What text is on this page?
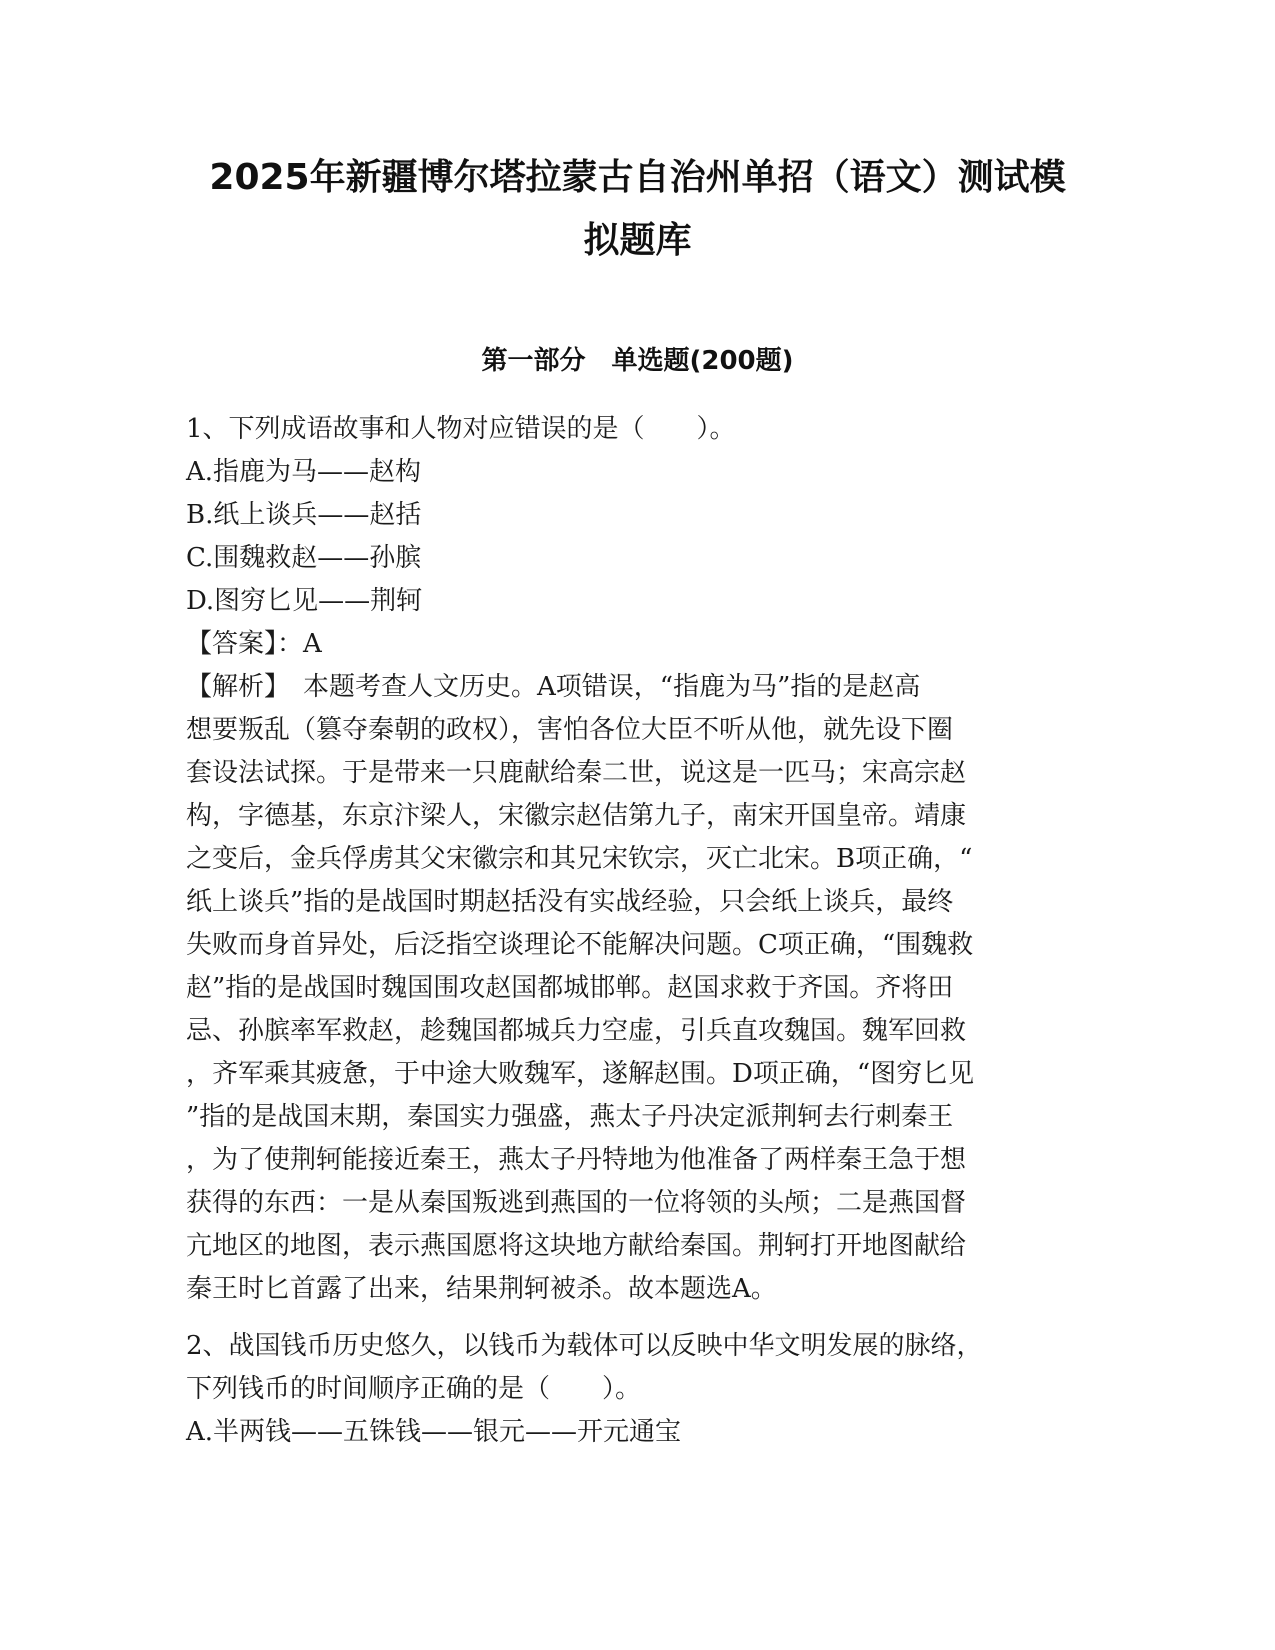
2025年新疆博尔塔拉蒙古自治州单招（语文）测试模
拟题库
第一部分　单选题(200题)
1、下列成语故事和人物对应错误的是（　　）。
A.指鹿为马——赵构
B.纸上谈兵——赵括
C.围魏救赵——孙膑
D.图穷匕见——荆轲
【答案】：A
【解析】　本题考查人文历史。A项错误，“指鹿为马”指的是赵高
想要叛乱（篡夺秦朝的政权），害怕各位大臣不听从他，就先设下圈
套设法试探。于是带来一只鹿献给秦二世，说这是一匹马；宋高宗赵
构，字德基，东京汴梁人，宋徽宗赵佶第九子，南宋开国皇帝。靖康
之变后，金兵俘虏其父宋徽宗和其兄宋钦宗，灭亡北宋。B项正确，“
纸上谈兵”指的是战国时期赵括没有实战经验，只会纸上谈兵，最终
失败而身首异处，后泛指空谈理论不能解决问题。C项正确，“围魏救
赵”指的是战国时魏国围攻赵国都城邯郸。赵国求救于齐国。齐将田
忌、孙膑率军救赵，趁魏国都城兵力空虚，引兵直攻魏国。魏军回救
，齐军乘其疲惫，于中途大败魏军，遂解赵围。D项正确，“图穷匕见
”指的是战国末期，秦国实力强盛，燕太子丹决定派荆轲去行刺秦王
，为了使荆轲能接近秦王，燕太子丹特地为他准备了两样秦王急于想
获得的东西：一是从秦国叛逃到燕国的一位将领的头颅；二是燕国督
亢地区的地图，表示燕国愿将这块地方献给秦国。荆轲打开地图献给
秦王时匕首露了出来，结果荆轲被杀。故本题选A。
2、战国钱币历史悠久，以钱币为载体可以反映中华文明发展的脉络，
下列钱币的时间顺序正确的是（　　）。
A.半两钱——五铢钱——银元——开元通宝
